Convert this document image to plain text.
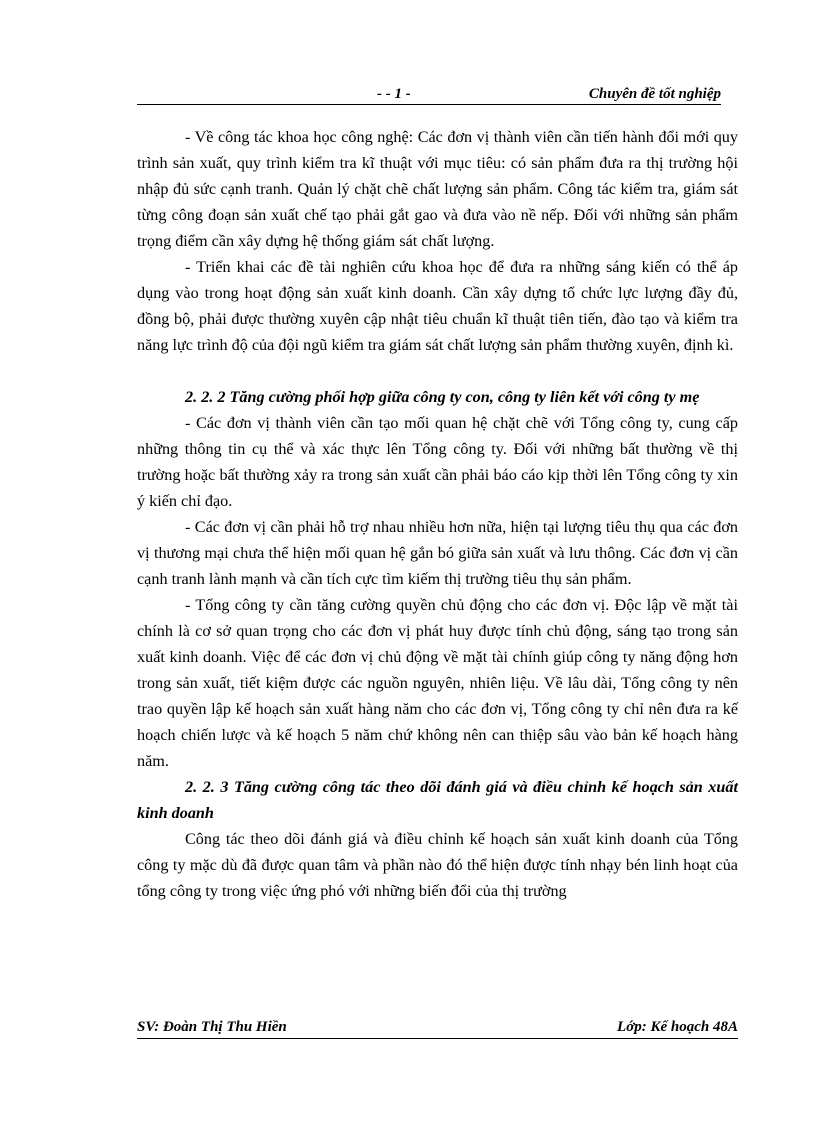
- - 1 -	Chuyên đề tốt nghiệp

- Về công tác khoa học công nghệ: Các đơn vị thành viên cần tiến hành đổi mới quy trình sản xuất, quy trình kiểm tra kĩ thuật với mục tiêu: có sản phẩm đưa ra thị trường hội nhập đủ sức cạnh tranh. Quản lý chặt chẽ chất lượng sản phẩm. Công tác kiểm tra, giám sát từng công đoạn sản xuất chế tạo phải gắt gao và đưa vào nề nếp. Đối với những sản phẩm trọng điểm cần xây dựng hệ thống giám sát chất lượng.

- Triển khai các đề tài nghiên cứu khoa học để đưa ra những sáng kiến có thể áp dụng vào trong hoạt động sản xuất kinh doanh. Cần xây dựng tổ chức lực lượng đầy đủ, đồng bộ, phải được thường xuyên cập nhật tiêu chuẩn kĩ thuật tiên tiến, đào tạo và kiểm tra năng lực trình độ của đội ngũ kiểm tra giám sát chất lượng sản phẩm thường xuyên, định kì.

2. 2. 2 Tăng cường phối hợp giữa công ty con, công ty liên kết với công ty mẹ

- Các đơn vị thành viên cần tạo mối quan hệ chặt chẽ với Tổng công ty, cung cấp những thông tin cụ thể và xác thực lên Tổng công ty. Đối với những bất thường về thị trường hoặc bất thường xảy ra trong sản xuất cần phải báo cáo kịp thời lên Tổng công ty xin ý kiến chỉ đạo.

- Các đơn vị cần phải hỗ trợ nhau nhiều hơn nữa, hiện tại lượng tiêu thụ qua các đơn vị thương mại chưa thể hiện mối quan hệ gắn bó giữa sản xuất và lưu thông. Các đơn vị cần cạnh tranh lành mạnh và cần tích cực tìm kiếm thị trường tiêu thụ sản phẩm.

- Tổng công ty cần tăng cường quyền chủ động cho các đơn vị. Độc lập về mặt tài chính là cơ sở quan trọng cho các đơn vị phát huy được tính chủ động, sáng tạo trong sản xuất kinh doanh. Việc để các đơn vị chủ động về mặt tài chính giúp công ty năng động hơn trong sản xuất, tiết kiệm được các nguồn nguyên, nhiên liệu. Về lâu dài, Tổng công ty nên trao quyền lập kế hoạch sản xuất hàng năm cho các đơn vị, Tổng công ty chỉ nên đưa ra kế hoạch chiến lược và kế hoạch 5 năm chứ không nên can thiệp sâu vào bản kế hoạch hàng năm.

2. 2. 3 Tăng cường công tác theo dõi đánh giá và điều chỉnh kế hoạch sản xuất kinh doanh

Công tác theo dõi đánh giá và điều chỉnh kế hoạch sản xuất kinh doanh của Tổng công ty mặc dù đã được quan tâm và phần nào đó thể hiện được tính nhạy bén linh hoạt của tổng công ty trong việc ứng phó với những biến đổi của thị trường

SV: Đoàn Thị Thu Hiền	Lớp: Kế hoạch 48A
